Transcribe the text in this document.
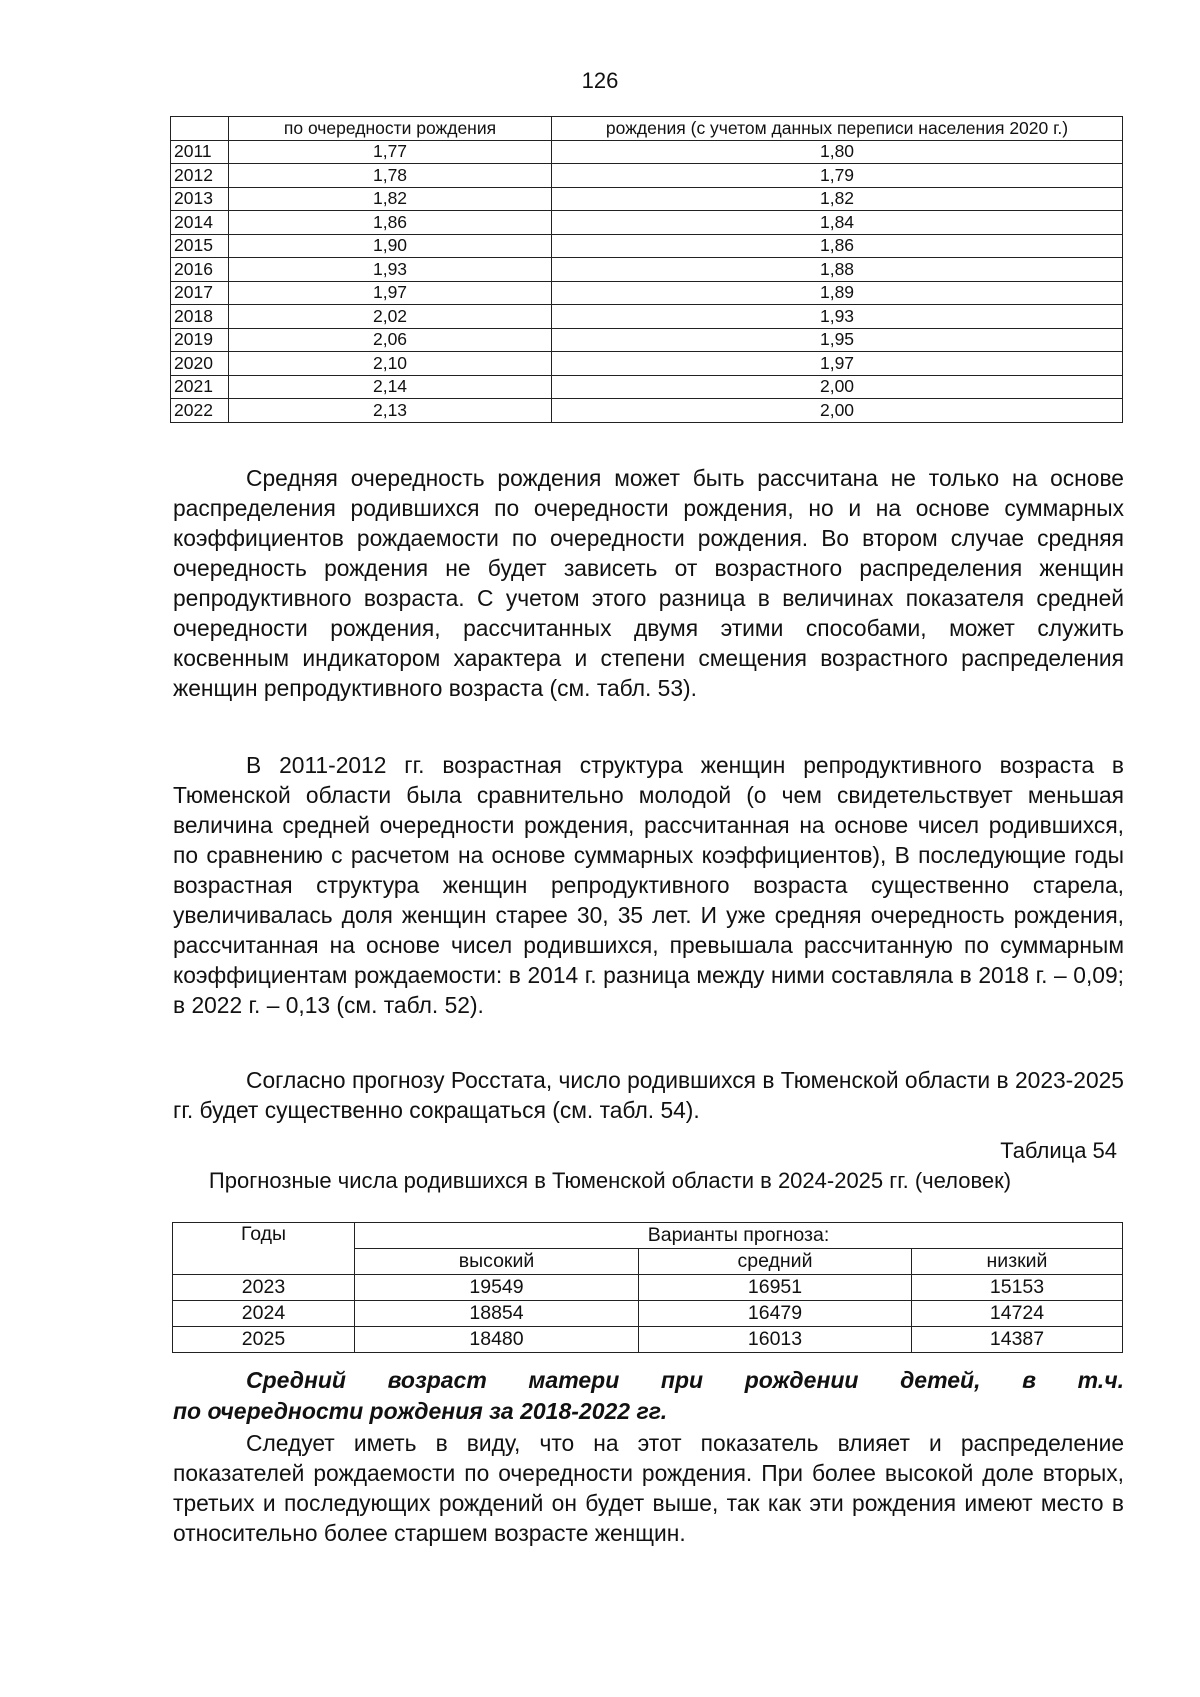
126
	по очередности рождения	рождения (с учетом данных переписи населения 2020 г.)
2011	1,77	1,80
2012	1,78	1,79
2013	1,82	1,82
2014	1,86	1,84
2015	1,90	1,86
2016	1,93	1,88
2017	1,97	1,89
2018	2,02	1,93
2019	2,06	1,95
2020	2,10	1,97
2021	2,14	2,00
2022	2,13	2,00

Средняя очередность рождения может быть рассчитана не только на основе распределения родившихся по очередности рождения, но и на основе суммарных коэффициентов рождаемости по очередности рождения. Во втором случае средняя очередность рождения не будет зависеть от возрастного распределения женщин репродуктивного возраста. С учетом этого разница в величинах показателя средней очередности рождения, рассчитанных двумя этими способами, может служить косвенным индикатором характера и степени смещения возрастного распределения женщин репродуктивного возраста (см. табл. 53).

В 2011-2012 гг. возрастная структура женщин репродуктивного возраста в Тюменской области была сравнительно молодой (о чем свидетельствует меньшая величина средней очередности рождения, рассчитанная на основе чисел родившихся, по сравнению с расчетом на основе суммарных коэффициентов), В последующие годы возрастная структура женщин репродуктивного возраста существенно старела, увеличивалась доля женщин старее 30, 35 лет. И уже средняя очередность рождения, рассчитанная на основе чисел родившихся, превышала рассчитанную по суммарным коэффициентам рождаемости: в 2014 г. разница между ними составляла в 2018 г. – 0,09; в 2022 г. – 0,13 (см. табл. 52).

Согласно прогнозу Росстата, число родившихся в Тюменской области в 2023-2025 гг. будет существенно сокращаться (см. табл. 54).

Таблица 54
Прогнозные числа родившихся в Тюменской области в 2024-2025 гг. (человек)
Годы	Варианты прогноза:		
	высокий	средний	низкий
2023	19549	16951	15153
2024	18854	16479	14724
2025	18480	16013	14387

Средний возраст матери при рождении детей, в т.ч.

по очередности рождения за 2018-2022 гг.

Следует иметь в виду, что на этот показатель влияет и распределение показателей рождаемости по очередности рождения. При более высокой доле вторых, третьих и последующих рождений он будет выше, так как эти рождения имеют место в относительно более старшем возрасте женщин.
